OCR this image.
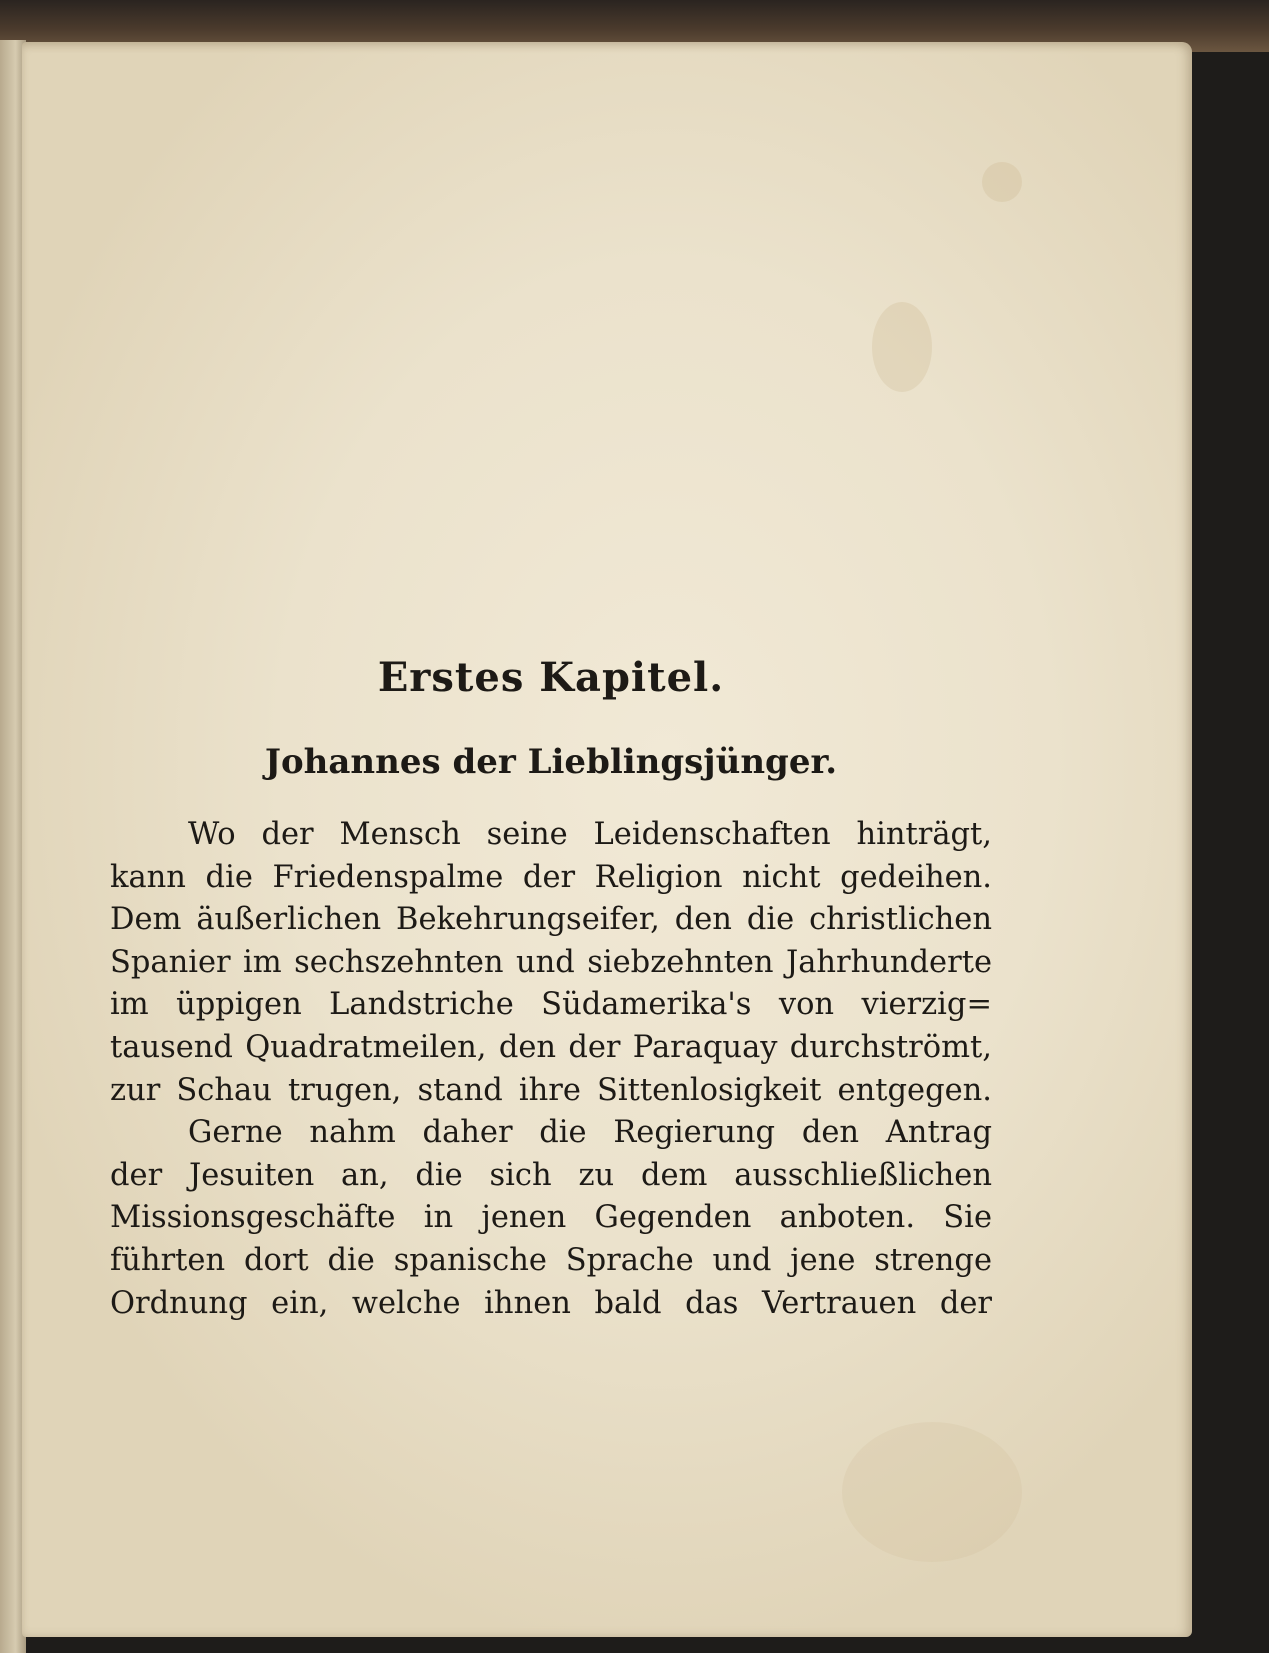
Erstes Kapitel.
Johannes der Lieblingsjünger.

Wo der Mensch seine Leidenschaften hinträgt,
kann die Friedenspalme der Religion nicht gedeihen.
Dem äußerlichen Bekehrungseifer, den die christlichen
Spanier im sechszehnten und siebzehnten Jahrhunderte
im üppigen Landstriche Südamerika's von vierzig=
tausend Quadratmeilen, den der Paraquay durchströmt,
zur Schau trugen, stand ihre Sittenlosigkeit entgegen.

Gerne nahm daher die Regierung den Antrag
der Jesuiten an, die sich zu dem ausschließlichen
Missionsgeschäfte in jenen Gegenden anboten. Sie
führten dort die spanische Sprache und jene strenge
Ordnung ein, welche ihnen bald das Vertrauen der
